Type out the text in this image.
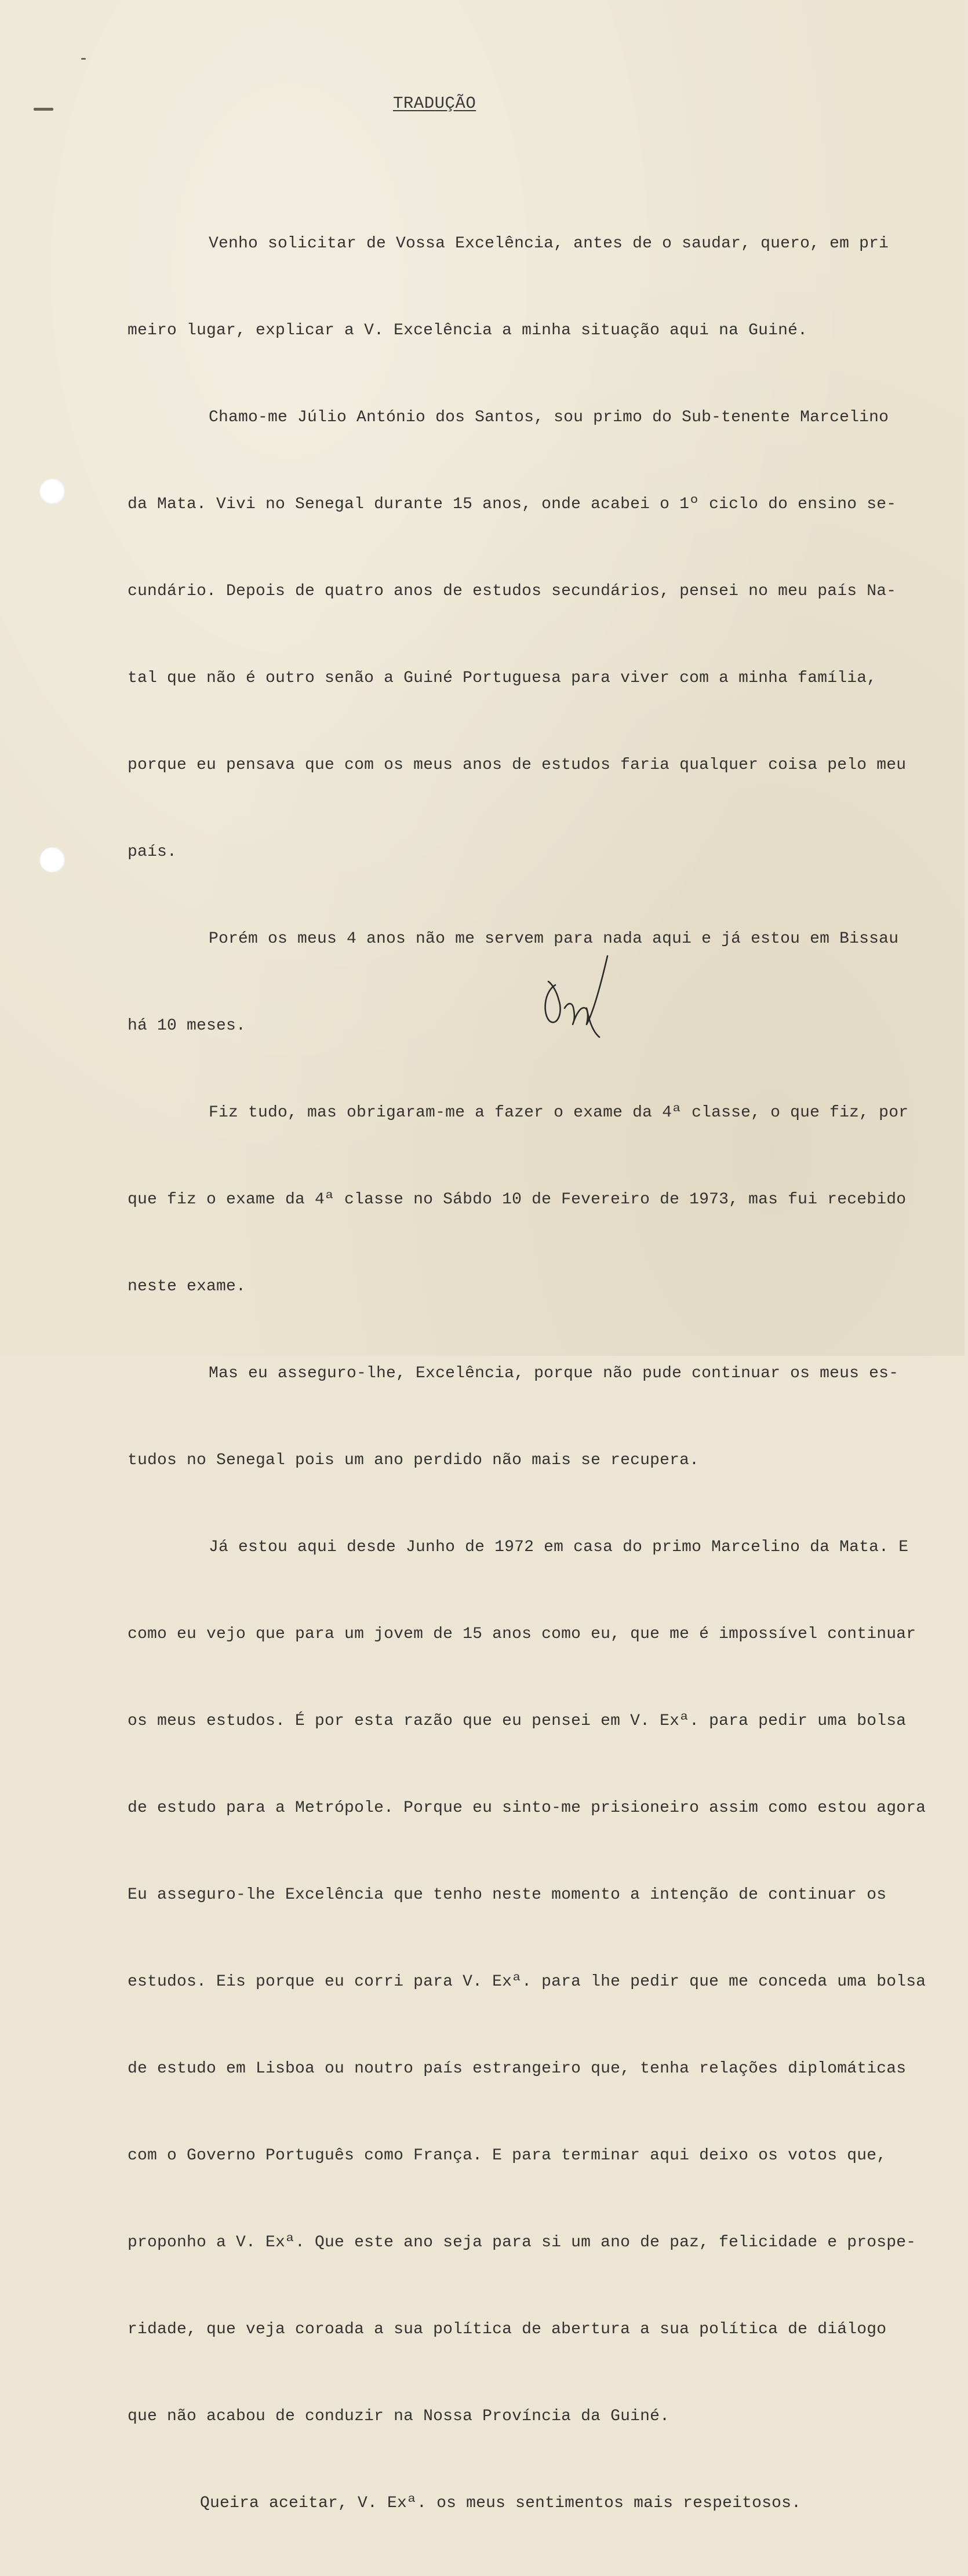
TRADUÇÃO

Venho solicitar de Vossa Excelência, antes de o saudar, quero, em pri

meiro lugar, explicar a V. Excelência a minha situação aqui na Guiné.

Chamo-me Júlio António dos Santos, sou primo do Sub-tenente Marcelino

da Mata. Vivi no Senegal durante 15 anos, onde acabei o 1º ciclo do ensino se-

cundário. Depois de quatro anos de estudos secundários, pensei no meu país Na-

tal que não é outro senão a Guiné Portuguesa para viver com a minha família,

porque eu pensava que com os meus anos de estudos faria qualquer coisa pelo meu

país.

Porém os meus 4 anos não me servem para nada aqui e já estou em Bissau

há 10 meses.

Fiz tudo, mas obrigaram-me a fazer o exame da 4ª classe, o que fiz, por

que fiz o exame da 4ª classe no Sábdo 10 de Fevereiro de 1973, mas fui recebido

neste exame.

Mas eu asseguro-lhe, Excelência, porque não pude continuar os meus es-

tudos no Senegal pois um ano perdido não mais se recupera.

Já estou aqui desde Junho de 1972 em casa do primo Marcelino da Mata. E

como eu vejo que para um jovem de 15 anos como eu, que me é impossível continuar

os meus estudos. É por esta razão que eu pensei em V. Exª. para pedir uma bolsa

de estudo para a Metrópole. Porque eu sinto-me prisioneiro assim como estou agora

Eu asseguro-lhe Excelência que tenho neste momento a intenção de continuar os

estudos. Eis porque eu corri para V. Exª. para lhe pedir que me conceda uma bolsa

de estudo em Lisboa ou noutro país estrangeiro que, tenha relações diplomáticas

com o Governo Português como França. E para terminar aqui deixo os votos que,

proponho a V. Exª. Que este ano seja para si um ano de paz, felicidade e prospe-

ridade, que veja coroada a sua política de abertura a sua política de diálogo

que não acabou de conduzir na Nossa Província da Guiné.

Queira aceitar, V. Exª. os meus sentimentos mais respeitosos.
